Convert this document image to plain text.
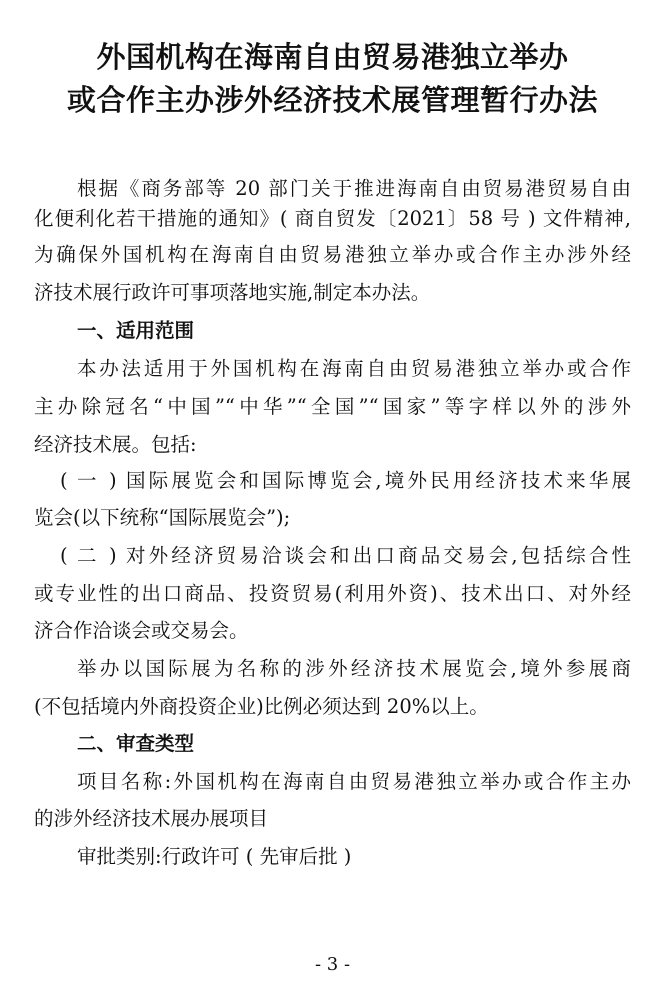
外国机构在海南自由贸易港独立举办
或合作主办涉外经济技术展管理暂行办法
根据《商务部等 20 部门关于推进海南自由贸易港贸易自由
化便利化若干措施的通知》( 商自贸发〔2021〕58 号 ) 文件精神,
为确保外国机构在海南自由贸易港独立举办或合作主办涉外经
济技术展行政许可事项落地实施,制定本办法。
一、适用范围
本办法适用于外国机构在海南自由贸易港独立举办或合作
主办除冠名“中国”“中华”“全国”“国家”等字样以外的涉外
经济技术展。包括:
( 一 ) 国际展览会和国际博览会,境外民用经济技术来华展
览会(以下统称“国际展览会”);
( 二 ) 对外经济贸易洽谈会和出口商品交易会,包括综合性
或专业性的出口商品、投资贸易(利用外资)、技术出口、对外经
济合作洽谈会或交易会。
举办以国际展为名称的涉外经济技术展览会,境外参展商
(不包括境内外商投资企业)比例必须达到 20%以上。
二、审查类型
项目名称:外国机构在海南自由贸易港独立举办或合作主办
的涉外经济技术展办展项目
审批类别:行政许可 ( 先审后批 )
- 3 -
